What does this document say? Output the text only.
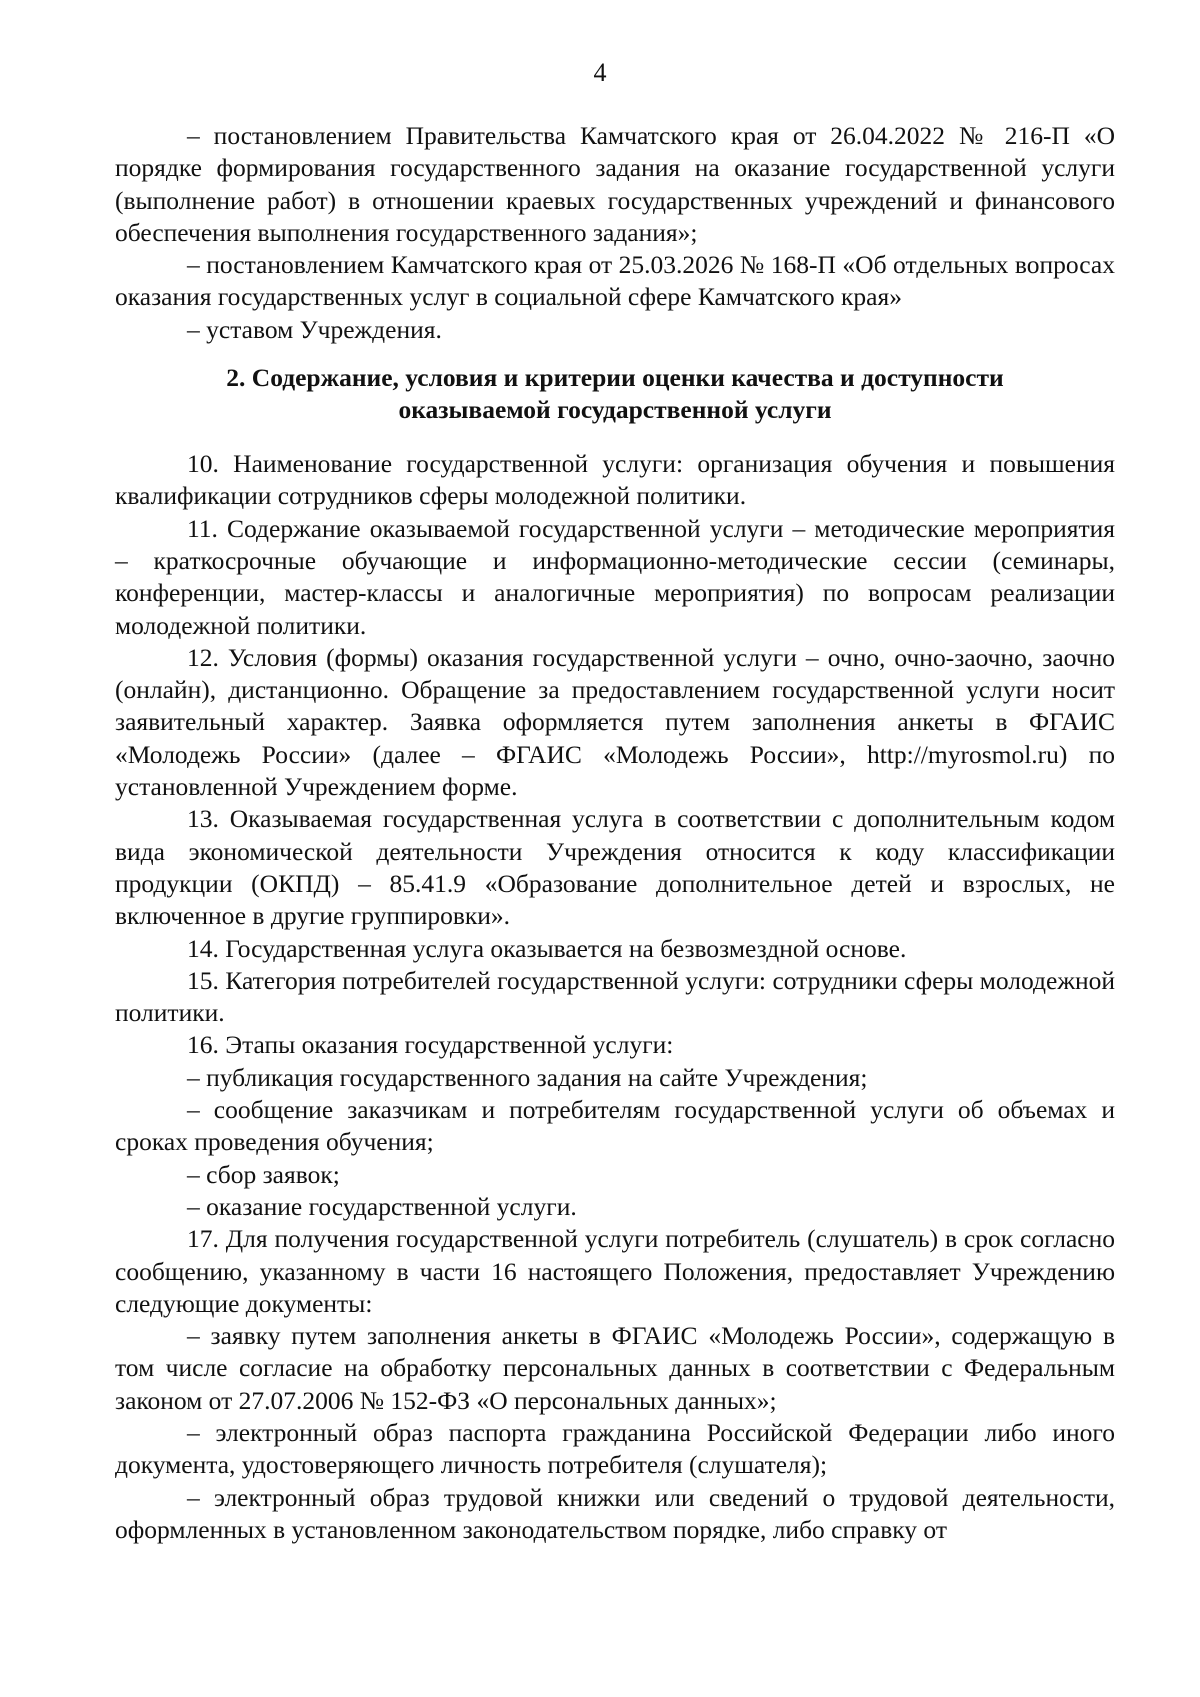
4

– постановлением Правительства Камчатского края от 26.04.2022 № 216-П «О порядке формирования государственного задания на оказание государственной услуги (выполнение работ) в отношении краевых государственных учреждений и финансового обеспечения выполнения государственного задания»;

– постановлением Камчатского края от 25.03.2026 № 168-П «Об отдельных вопросах оказания государственных услуг в социальной сфере Камчатского края»

– уставом Учреждения.

2. Содержание, условия и критерии оценки качества и доступности
оказываемой государственной услуги

10. Наименование государственной услуги: организация обучения и повышения квалификации сотрудников сферы молодежной политики.

11. Содержание оказываемой государственной услуги – методические мероприятия – краткосрочные обучающие и информационно-методические сессии (семинары, конференции, мастер-классы и аналогичные мероприятия) по вопросам реализации молодежной политики.

12. Условия (формы) оказания государственной услуги – очно, очно-заочно, заочно (онлайн), дистанционно. Обращение за предоставлением государственной услуги носит заявительный характер. Заявка оформляется путем заполнения анкеты в ФГАИС «Молодежь России» (далее – ФГАИС «Молодежь России», http://myrosmol.ru) по установленной Учреждением форме.

13. Оказываемая государственная услуга в соответствии с дополнительным кодом вида экономической деятельности Учреждения относится к коду классификации продукции (ОКПД) – 85.41.9 «Образование дополнительное детей и взрослых, не включенное в другие группировки».

14. Государственная услуга оказывается на безвозмездной основе.

15. Категория потребителей государственной услуги: сотрудники сферы молодежной политики.

16. Этапы оказания государственной услуги:

– публикация государственного задания на сайте Учреждения;

– сообщение заказчикам и потребителям государственной услуги об объемах и сроках проведения обучения;

– сбор заявок;

– оказание государственной услуги.

17. Для получения государственной услуги потребитель (слушатель) в срок согласно сообщению, указанному в части 16 настоящего Положения, предоставляет Учреждению следующие документы:

– заявку путем заполнения анкеты в ФГАИС «Молодежь России», содержащую в том числе согласие на обработку персональных данных в соответствии с Федеральным законом от 27.07.2006 № 152-ФЗ «О персональных данных»;

– электронный образ паспорта гражданина Российской Федерации либо иного документа, удостоверяющего личность потребителя (слушателя);

– электронный образ трудовой книжки или сведений о трудовой деятельности, оформленных в установленном законодательством порядке, либо справку от
